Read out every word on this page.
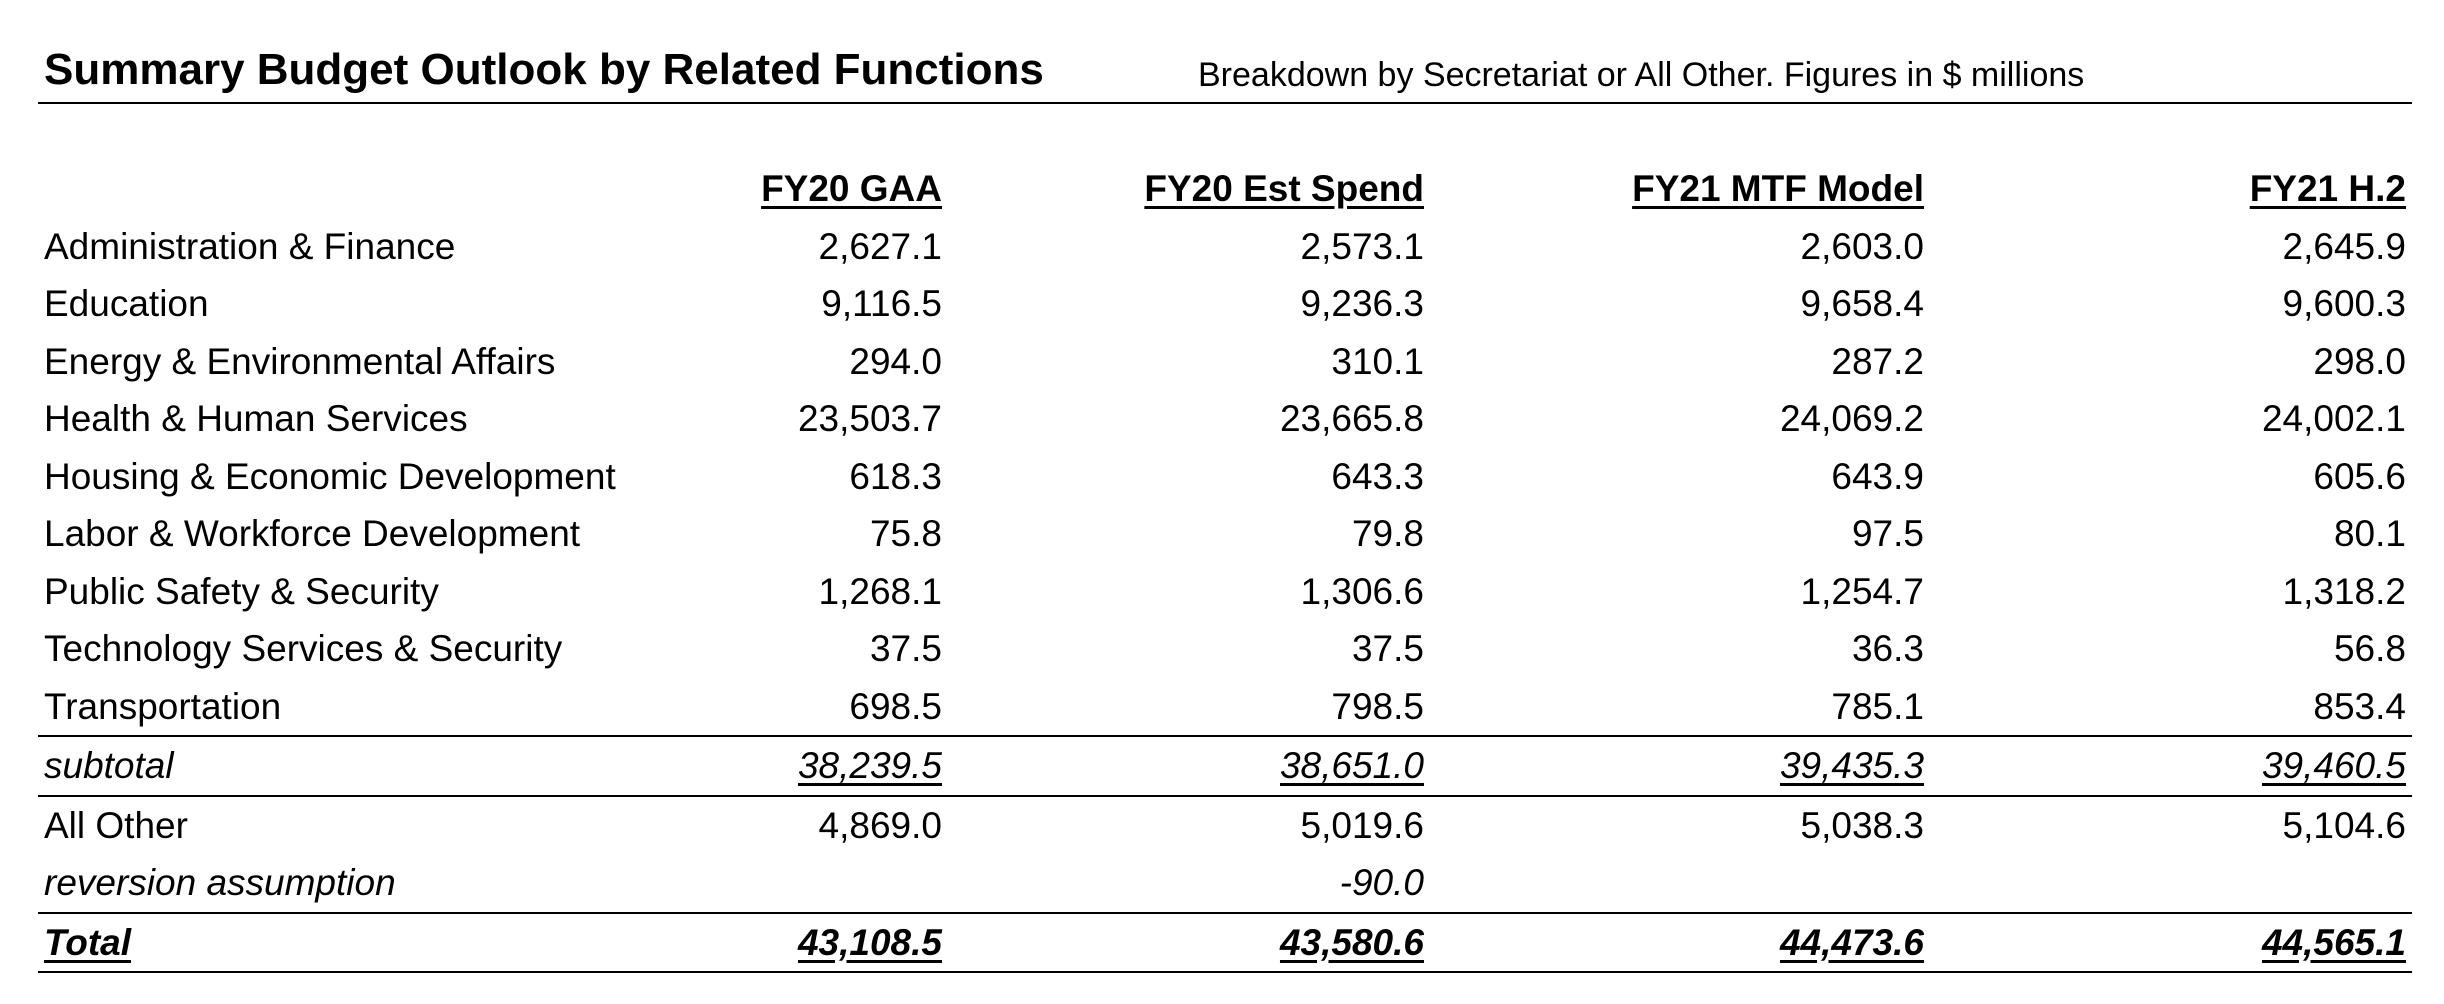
Summary Budget Outlook by Related Functions	Breakdown by Secretariat or All Other. Figures in $ millions
	FY20 GAA	FY20 Est Spend	FY21 MTF Model	FY21 H.2
Administration & Finance	2,627.1	2,573.1	2,603.0	2,645.9
Education	9,116.5	9,236.3	9,658.4	9,600.3
Energy & Environmental Affairs	294.0	310.1	287.2	298.0
Health & Human Services	23,503.7	23,665.8	24,069.2	24,002.1
Housing & Economic Development	618.3	643.3	643.9	605.6
Labor & Workforce Development	75.8	79.8	97.5	80.1
Public Safety & Security	1,268.1	1,306.6	1,254.7	1,318.2
Technology Services & Security	37.5	37.5	36.3	56.8
Transportation	698.5	798.5	785.1	853.4
subtotal	38,239.5	38,651.0	39,435.3	39,460.5
All Other	4,869.0	5,019.6	5,038.3	5,104.6
reversion assumption		-90.0		
Total	43,108.5	43,580.6	44,473.6	44,565.1
